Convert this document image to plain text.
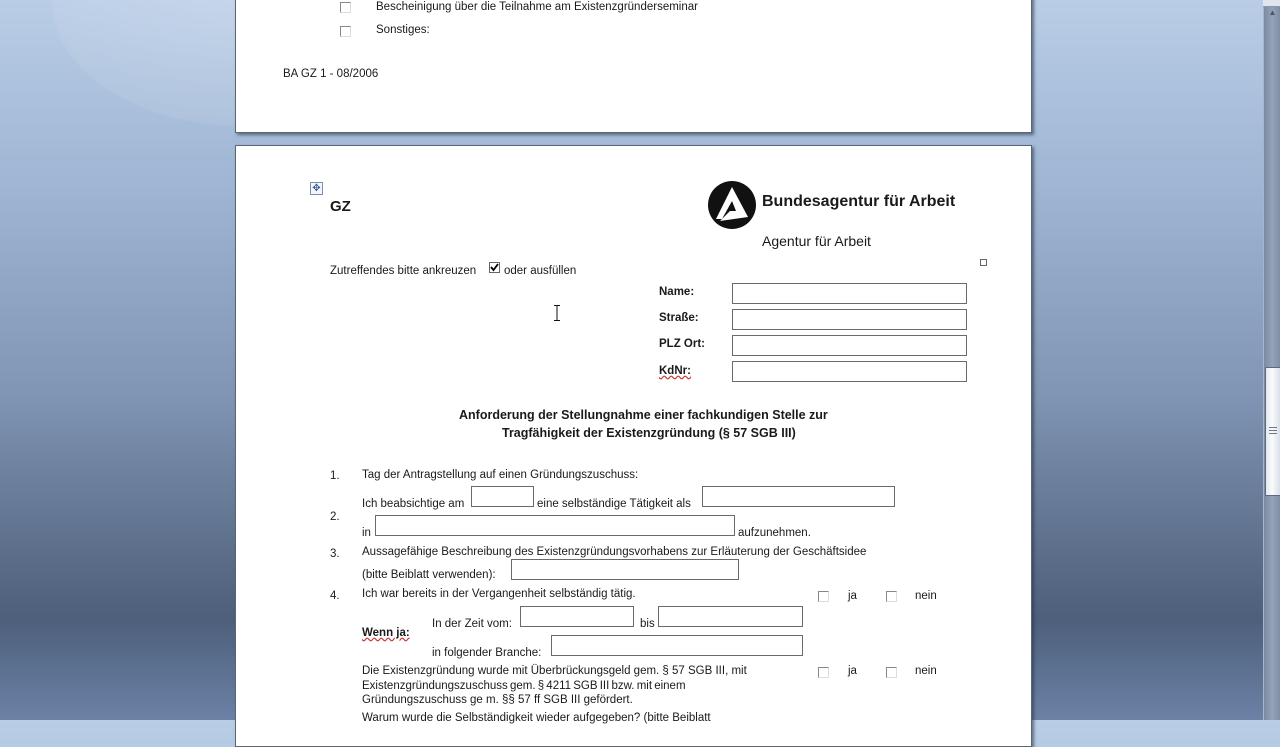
Bescheinigung über die Teilnahme am Existenzgründerseminar
Sonstiges:
BA GZ 1 - 08/2006
✥
GZ	Bundesagentur für Arbeit
Agentur für Arbeit
Zutreffendes bitte ankreuzen oder ausfüllen
Name:
Straße:
PLZ Ort:
KdNr:
Anforderung der Stellungnahme einer fachkundigen Stelle zur
Tragfähigkeit der Existenzgründung (§ 57 SGB III)
1. Tag der Antragstellung auf einen Gründungszuschuss:
Ich beabsichtige am	eine selbständige Tätigkeit als
2.
in	aufzunehmen.
3. Aussagefähige Beschreibung des Existenzgründungsvorhabens zur Erläuterung der Geschäftsidee
(bitte Beiblatt verwenden):
4. Ich war bereits in der Vergangenheit selbständig tätig.	ja	nein
Wenn ja:
In der Zeit vom:	bis
in folgender Branche:
Die Existenzgründung wurde mit Überbrückungsgeld gem. § 57 SGB III, mit
Existenzgründungszuschuss gem. § 4211 SGB III bzw. mit einem
Gründungszuschuss ge m. §§ 57 ff SGB III gefördert.
ja	nein
Warum wurde die Selbständigkeit wieder aufgegeben? (bitte Beiblatt
▲
